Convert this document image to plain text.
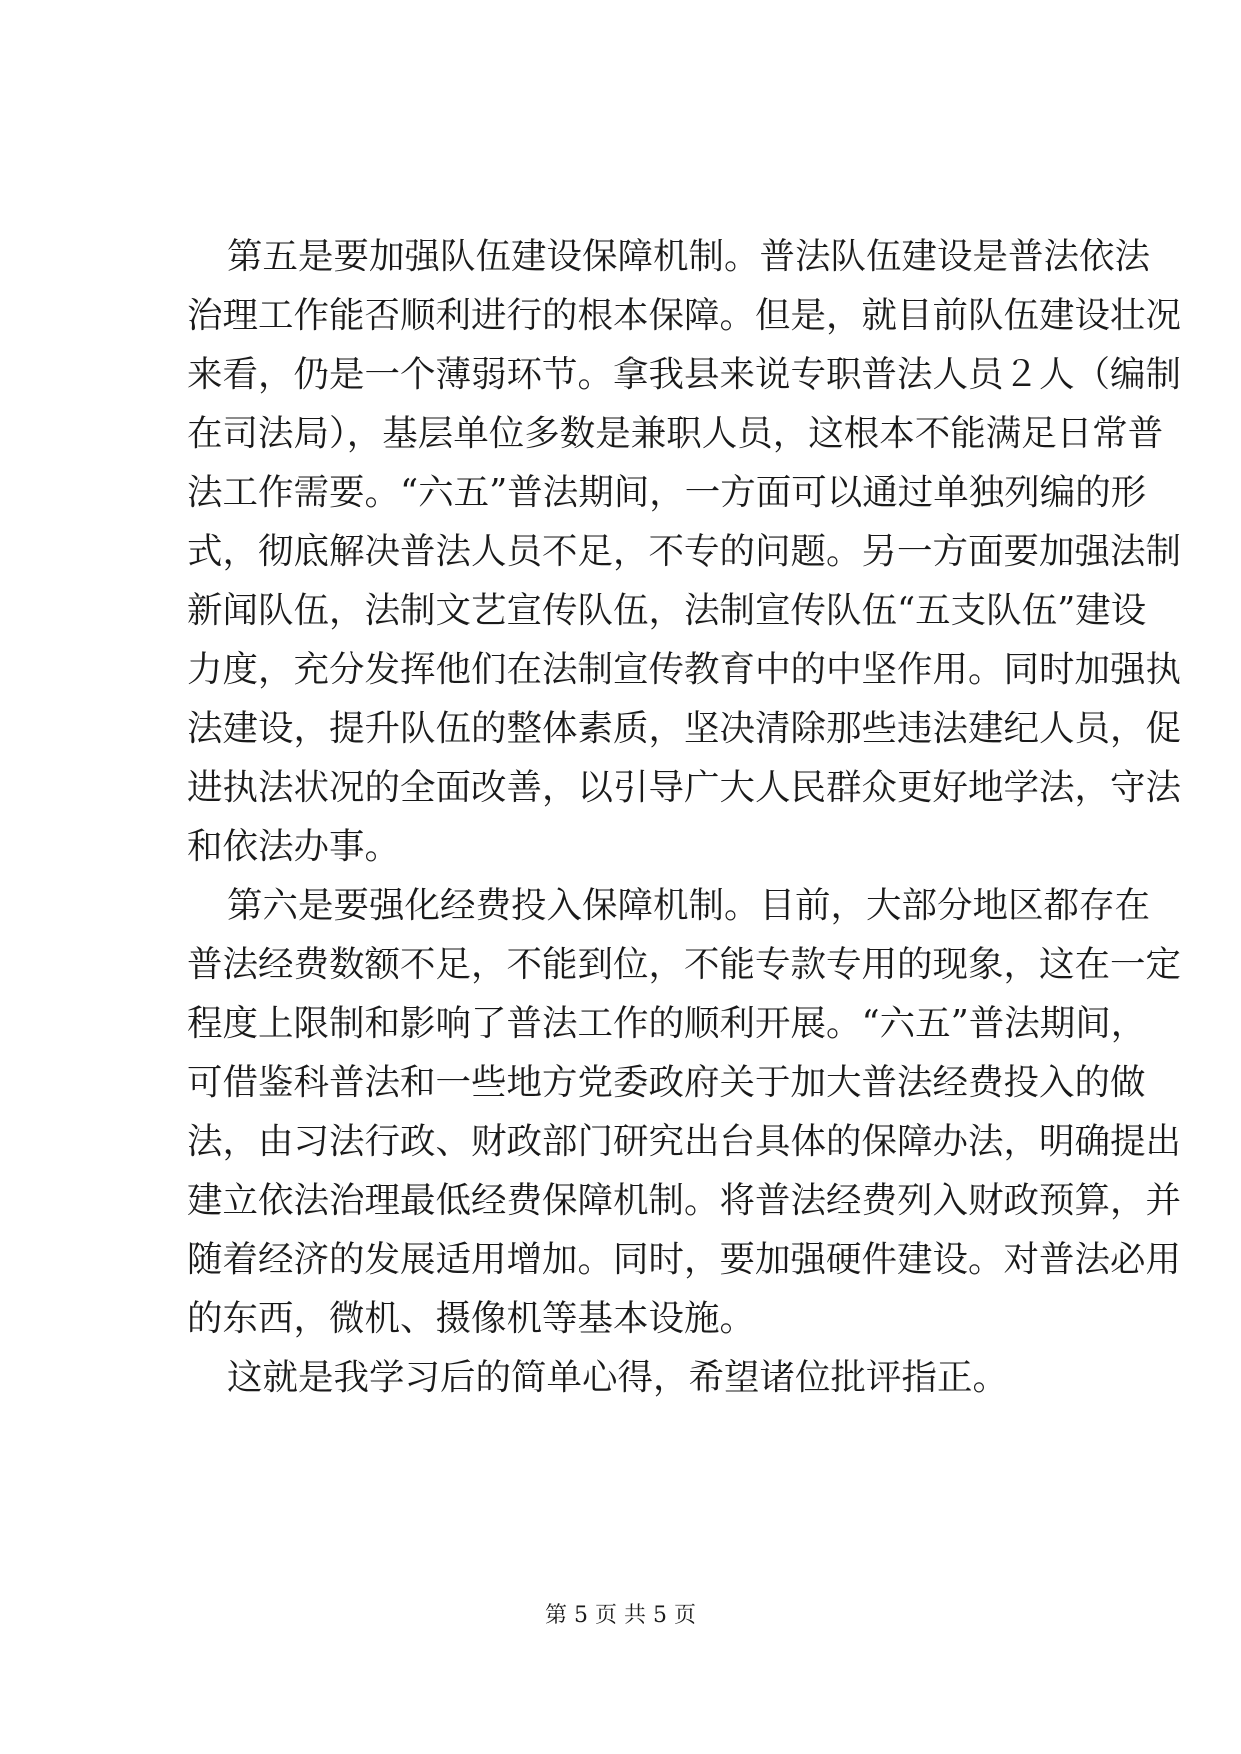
第五是要加强队伍建设保障机制。普法队伍建设是普法依法
治理工作能否顺利进行的根本保障。但是，就目前队伍建设壮况
来看，仍是一个薄弱环节。拿我县来说专职普法人员２人（编制
在司法局），基层单位多数是兼职人员，这根本不能满足日常普
法工作需要。“六五”普法期间，一方面可以通过单独列编的形
式，彻底解决普法人员不足，不专的问题。另一方面要加强法制
新闻队伍，法制文艺宣传队伍，法制宣传队伍“五支队伍”建设
力度，充分发挥他们在法制宣传教育中的中坚作用。同时加强执
法建设，提升队伍的整体素质，坚决清除那些违法建纪人员，促
进执法状况的全面改善，以引导广大人民群众更好地学法，守法
和依法办事。
第六是要强化经费投入保障机制。目前，大部分地区都存在
普法经费数额不足，不能到位，不能专款专用的现象，这在一定
程度上限制和影响了普法工作的顺利开展。“六五”普法期间，
可借鉴科普法和一些地方党委政府关于加大普法经费投入的做
法，由习法行政、财政部门研究出台具体的保障办法，明确提出
建立依法治理最低经费保障机制。将普法经费列入财政预算，并
随着经济的发展适用增加。同时，要加强硬件建设。对普法必用
的东西，微机、摄像机等基本设施。
这就是我学习后的简单心得，希望诸位批评指正。
第 5 页 共 5 页
